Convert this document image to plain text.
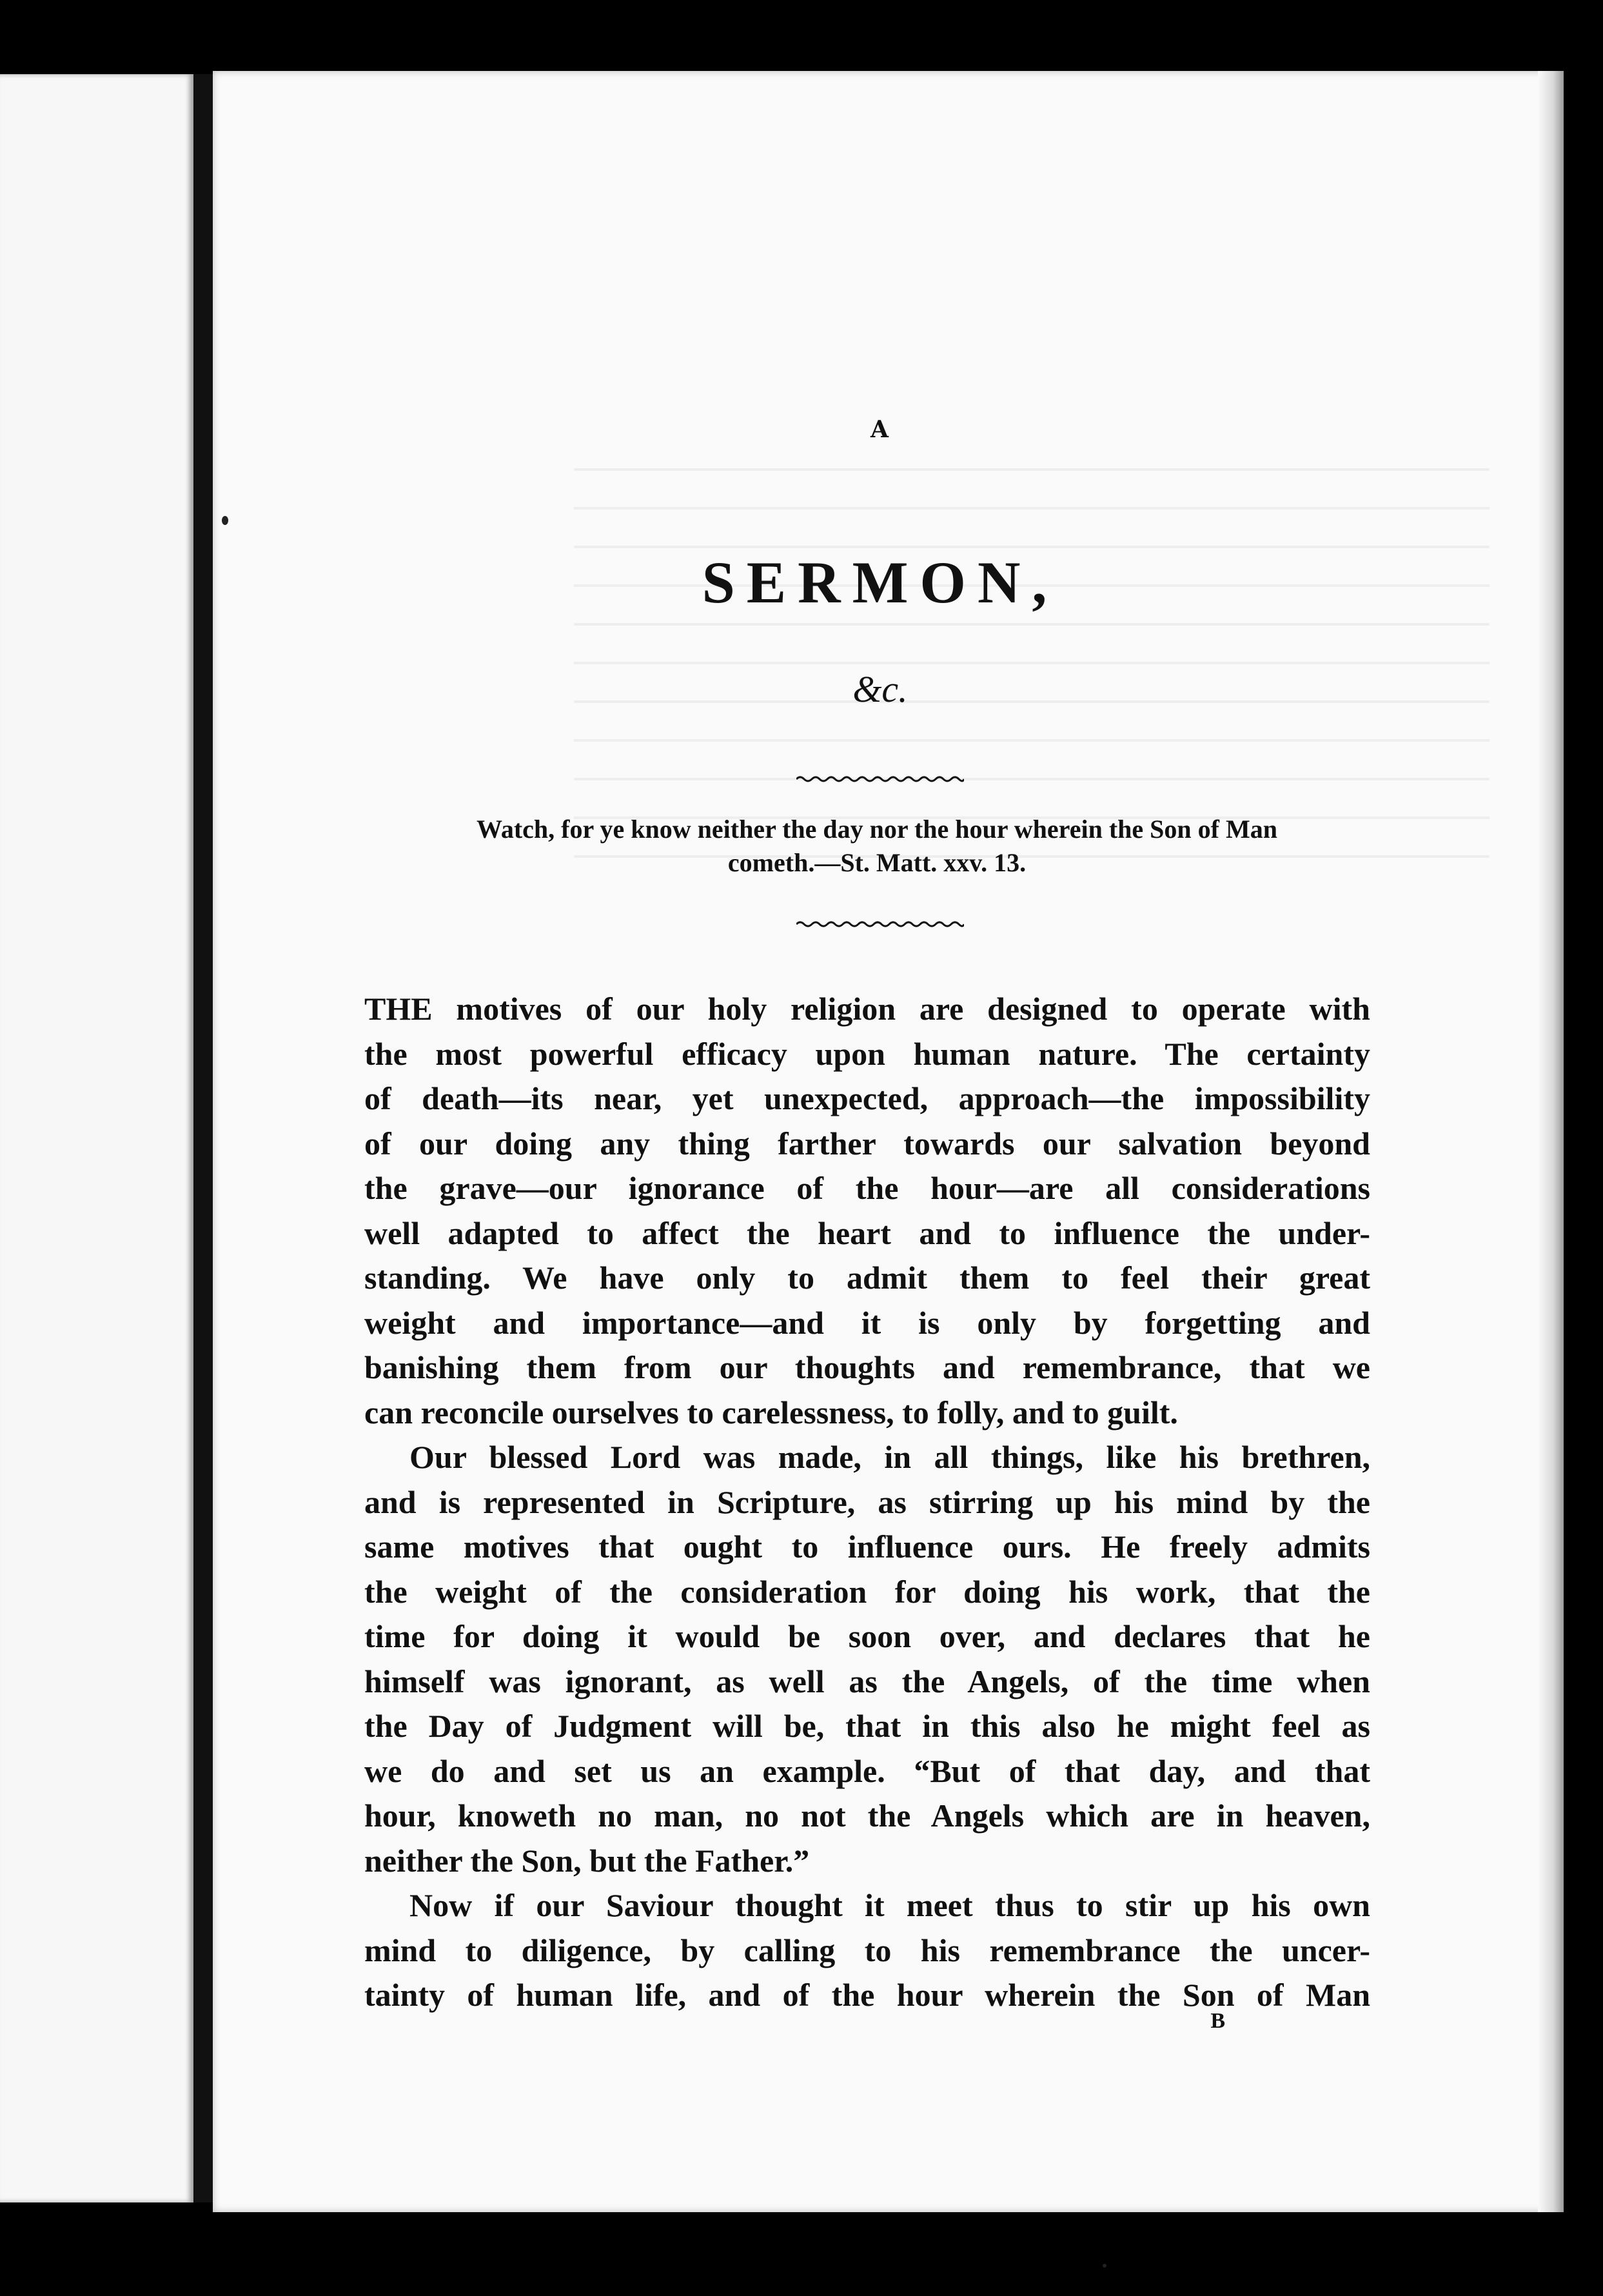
A
SERMON,
&c.
Watch, for ye know neither the day nor the hour wherein the Son of Man
cometh.—St. Matt. xxv. 13.
THE motives of our holy religion are designed to operate with
the most powerful efficacy upon human nature. The certainty
of death—its near, yet unexpected, approach—the impossibility
of our doing any thing farther towards our salvation beyond
the grave—our ignorance of the hour—are all considerations
well adapted to affect the heart and to influence the under-
standing. We have only to admit them to feel their great
weight and importance—and it is only by forgetting and
banishing them from our thoughts and remembrance, that we
can reconcile ourselves to carelessness, to folly, and to guilt.
Our blessed Lord was made, in all things, like his brethren,
and is represented in Scripture, as stirring up his mind by the
same motives that ought to influence ours. He freely admits
the weight of the consideration for doing his work, that the
time for doing it would be soon over, and declares that he
himself was ignorant, as well as the Angels, of the time when
the Day of Judgment will be, that in this also he might feel as
we do and set us an example. “But of that day, and that
hour, knoweth no man, no not the Angels which are in heaven,
neither the Son, but the Father.”
Now if our Saviour thought it meet thus to stir up his own
mind to diligence, by calling to his remembrance the uncer-
tainty of human life, and of the hour wherein the Son of Man
B
